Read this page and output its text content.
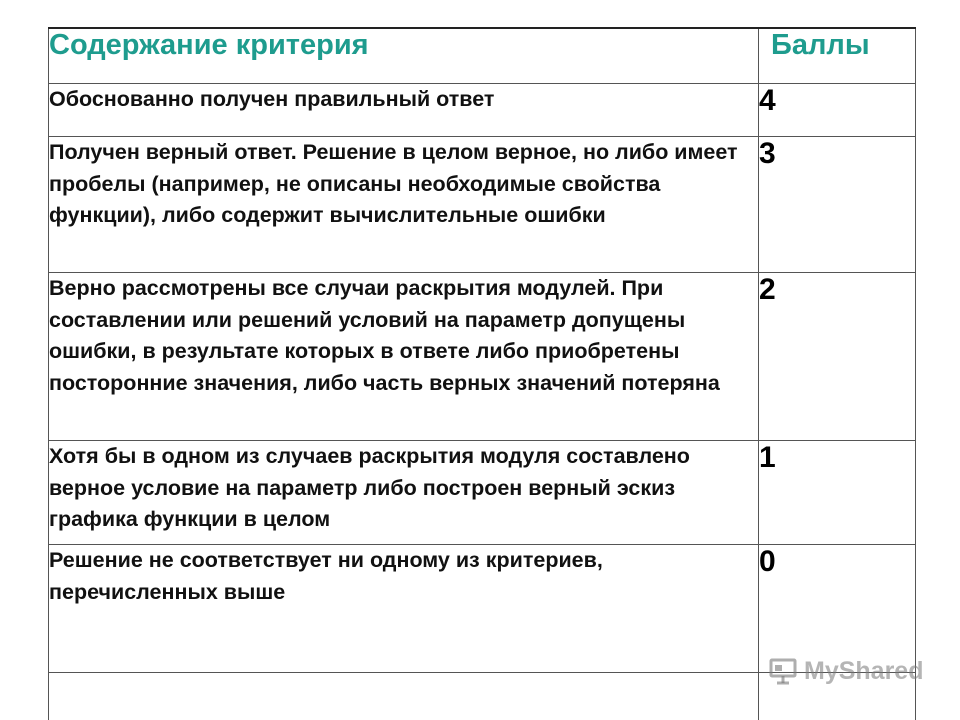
Содержание критерия	Баллы
Обоснованно получен правильный ответ	4
Получен верный ответ. Решение в целом верное, но либо имеет пробелы (например, не описаны необходимые свойства функции), либо содержит вычислительные ошибки	3
Верно рассмотрены все случаи раскрытия модулей. При составлении или решений условий на параметр допущены ошибки, в результате которых в ответе либо приобретены посторонние значения, либо часть верных значений потеряна	2
Хотя бы в одном из случаев раскрытия модуля составлено верное условие на параметр либо построен верный эскиз графика функции в целом	1
Решение не соответствует ни одному из критериев, перечисленных выше	0

MyShared
